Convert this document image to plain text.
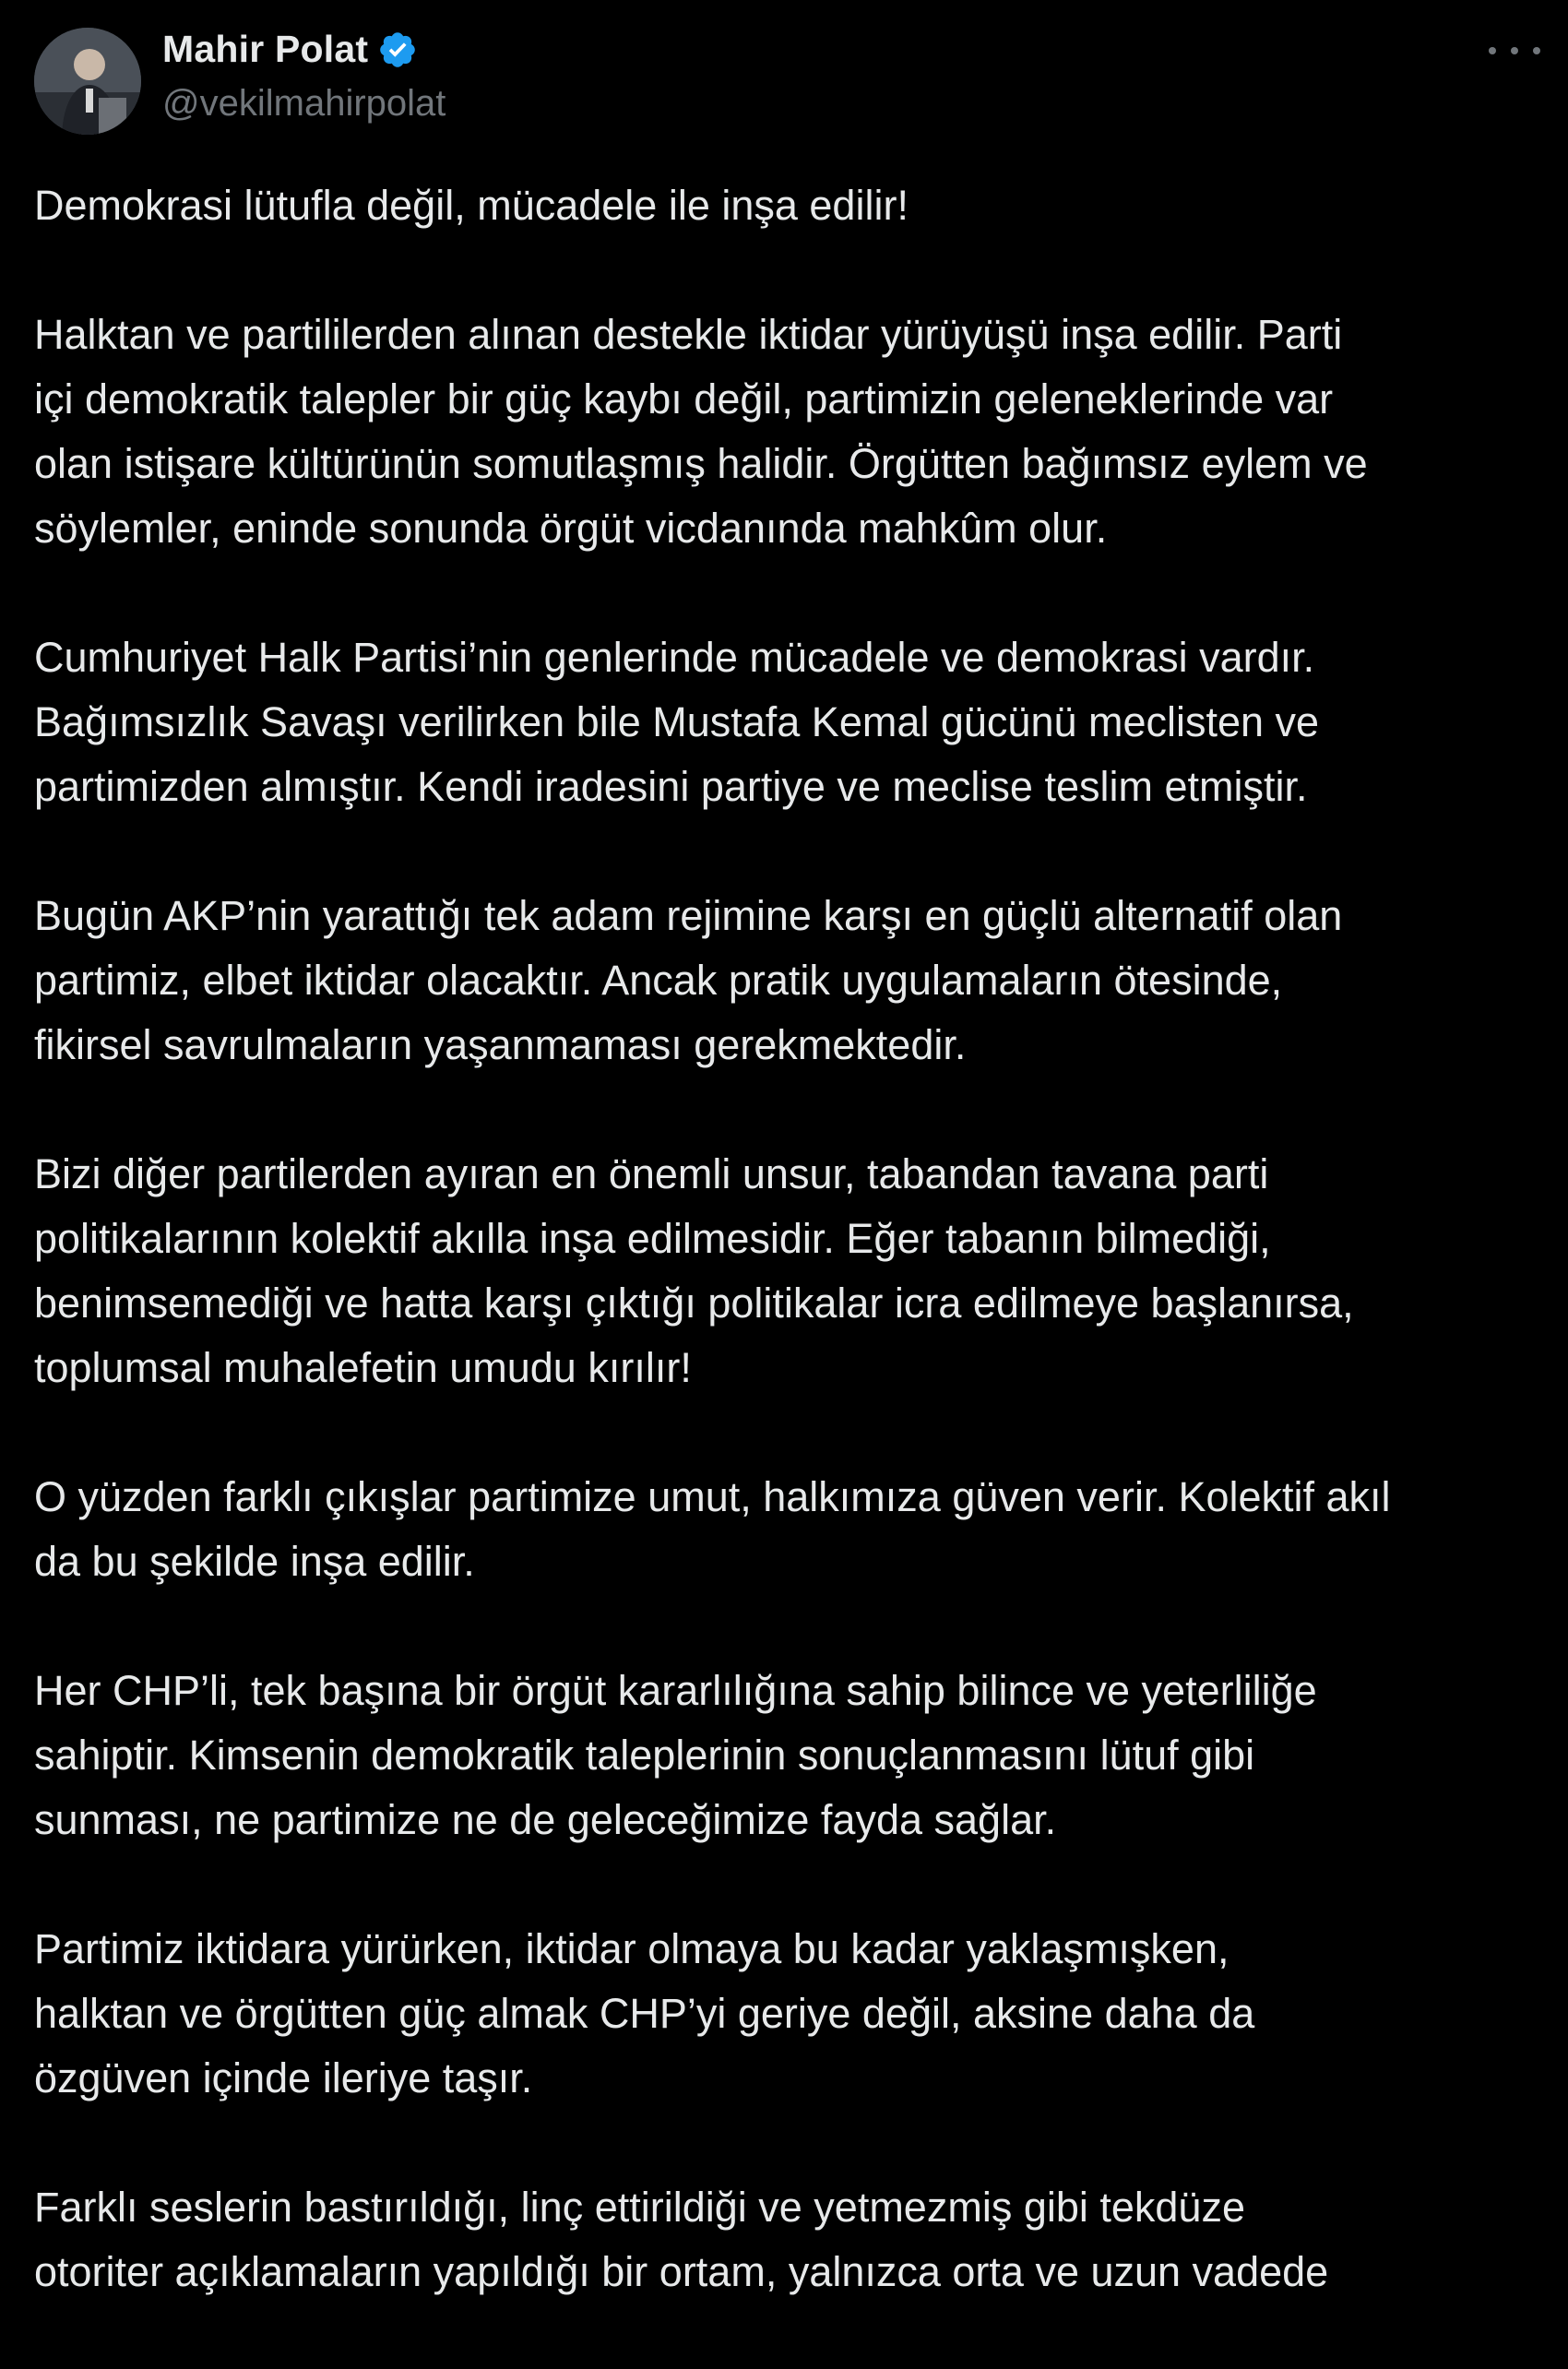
Mahir Polat
@vekilmahirpolat

Demokrasi lütufla değil, mücadele ile inşa edilir!

Halktan ve partililerden alınan destekle iktidar yürüyüşü inşa edilir. Parti
içi demokratik talepler bir güç kaybı değil, partimizin geleneklerinde var
olan istişare kültürünün somutlaşmış halidir. Örgütten bağımsız eylem ve
söylemler, eninde sonunda örgüt vicdanında mahkûm olur.

Cumhuriyet Halk Partisi’nin genlerinde mücadele ve demokrasi vardır.
Bağımsızlık Savaşı verilirken bile Mustafa Kemal gücünü meclisten ve
partimizden almıştır. Kendi iradesini partiye ve meclise teslim etmiştir.

Bugün AKP’nin yarattığı tek adam rejimine karşı en güçlü alternatif olan
partimiz, elbet iktidar olacaktır. Ancak pratik uygulamaların ötesinde,
fikirsel savrulmaların yaşanmaması gerekmektedir.

Bizi diğer partilerden ayıran en önemli unsur, tabandan tavana parti
politikalarının kolektif akılla inşa edilmesidir. Eğer tabanın bilmediği,
benimsemediği ve hatta karşı çıktığı politikalar icra edilmeye başlanırsa,
toplumsal muhalefetin umudu kırılır!

O yüzden farklı çıkışlar partimize umut, halkımıza güven verir. Kolektif akıl
da bu şekilde inşa edilir.

Her CHP’li, tek başına bir örgüt kararlılığına sahip bilince ve yeterliliğe
sahiptir. Kimsenin demokratik taleplerinin sonuçlanmasını lütuf gibi
sunması, ne partimize ne de geleceğimize fayda sağlar.

Partimiz iktidara yürürken, iktidar olmaya bu kadar yaklaşmışken,
halktan ve örgütten güç almak CHP’yi geriye değil, aksine daha da
özgüven içinde ileriye taşır.

Farklı seslerin bastırıldığı, linç ettirildiği ve yetmezmiş gibi tekdüze
otoriter açıklamaların yapıldığı bir ortam, yalnızca orta ve uzun vadede
